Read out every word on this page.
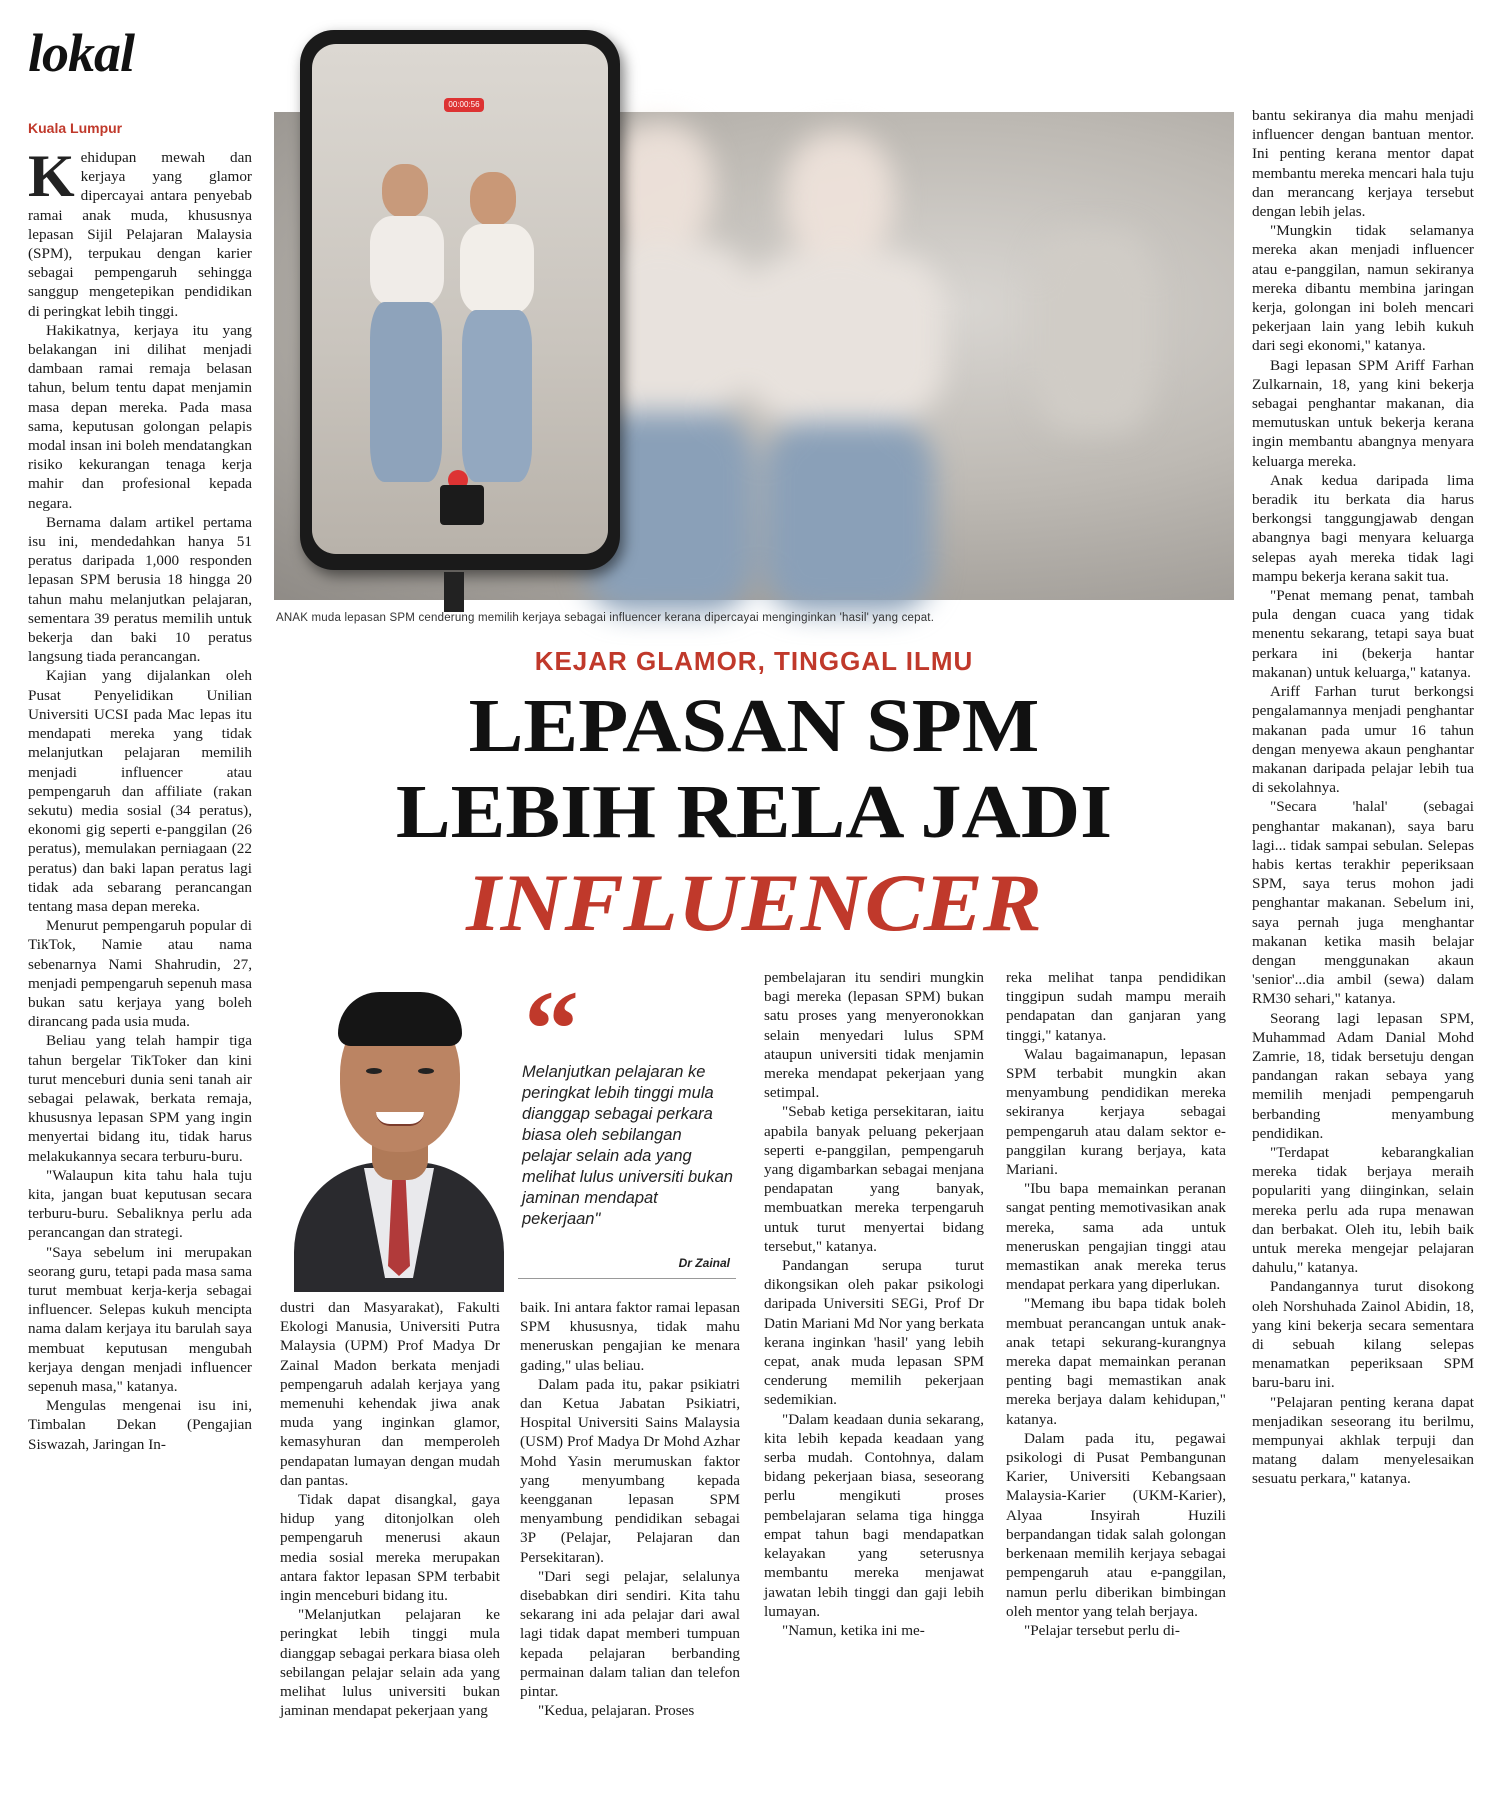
lokal
Kuala Lumpur

Kehidupan mewah dan kerjaya yang glamor dipercayai antara penyebab ramai anak muda, khususnya lepasan Sijil Pelajaran Malaysia (SPM), terpukau dengan karier sebagai pempengaruh sehingga sanggup mengetepikan pendidikan di peringkat lebih tinggi.

Hakikatnya, kerjaya itu yang belakangan ini dilihat menjadi dambaan ramai remaja belasan tahun, belum tentu dapat menjamin masa depan mereka. Pada masa sama, keputusan golongan pelapis modal insan ini boleh mendatangkan risiko kekurangan tenaga kerja mahir dan profesional kepada negara.

Bernama dalam artikel pertama isu ini, mendedahkan hanya 51 peratus daripada 1,000 responden lepasan SPM berusia 18 hingga 20 tahun mahu melanjutkan pelajaran, sementara 39 peratus memilih untuk bekerja dan baki 10 peratus langsung tiada perancangan.

Kajian yang dijalankan oleh Pusat Penyelidikan Unilian Universiti UCSI pada Mac lepas itu mendapati mereka yang tidak melanjutkan pelajaran memilih menjadi influencer atau pempengaruh dan affiliate (rakan sekutu) media sosial (34 peratus), ekonomi gig seperti e-panggilan (26 peratus), memulakan perniagaan (22 peratus) dan baki lapan peratus lagi tidak ada sebarang perancangan tentang masa depan mereka.

Menurut pempengaruh popular di TikTok, Namie atau nama sebenarnya Nami Shahrudin, 27, menjadi pempengaruh sepenuh masa bukan satu kerjaya yang boleh dirancang pada usia muda.

Beliau yang telah hampir tiga tahun bergelar TikToker dan kini turut menceburi dunia seni tanah air sebagai pelawak, berkata remaja, khususnya lepasan SPM yang ingin menyertai bidang itu, tidak harus melakukannya secara terburu-buru.

"Walaupun kita tahu hala tuju kita, jangan buat keputusan secara terburu-buru. Sebaliknya perlu ada perancangan dan strategi.

"Saya sebelum ini merupakan seorang guru, tetapi pada masa sama turut membuat kerja-kerja sebagai influencer. Selepas kukuh mencipta nama dalam kerjaya itu barulah saya membuat keputusan mengubah kerjaya dengan menjadi influencer sepenuh masa," katanya.

Mengulas mengenai isu ini, Timbalan Dekan (Pengajian Siswazah, Jaringan In-

00:00:56
ANAK muda lepasan SPM cenderung memilih kerjaya sebagai influencer kerana dipercayai menginginkan 'hasil' yang cepat.
KEJAR GLAMOR, TINGGAL ILMU
LEPASAN SPM
LEBIH RELA JADI
INFLUENCER
“
Melanjutkan pelajaran ke peringkat lebih tinggi mula dianggap sebagai perkara biasa oleh sebilangan pelajar selain ada yang melihat lulus universiti bukan jaminan mendapat pekerjaan"
Dr Zainal

dustri dan Masyarakat), Fakulti Ekologi Manusia, Universiti Putra Malaysia (UPM) Prof Madya Dr Zainal Madon berkata menjadi pempengaruh adalah kerjaya yang memenuhi kehendak jiwa anak muda yang inginkan glamor, kemasyhuran dan memperoleh pendapatan lumayan dengan mudah dan pantas.

Tidak dapat disangkal, gaya hidup yang ditonjolkan oleh pempengaruh menerusi akaun media sosial mereka merupakan antara faktor lepasan SPM terbabit ingin menceburi bidang itu.

"Melanjutkan pelajaran ke peringkat lebih tinggi mula dianggap sebagai perkara biasa oleh sebilangan pelajar selain ada yang melihat lulus universiti bukan jaminan mendapat pekerjaan yang

baik. Ini antara faktor ramai lepasan SPM khususnya, tidak mahu meneruskan pengajian ke menara gading," ulas beliau.

Dalam pada itu, pakar psikiatri dan Ketua Jabatan Psikiatri, Hospital Universiti Sains Malaysia (USM) Prof Madya Dr Mohd Azhar Mohd Yasin merumuskan faktor yang menyumbang kepada keengganan lepasan SPM menyambung pendidikan sebagai 3P (Pelajar, Pelajaran dan Persekitaran).

"Dari segi pelajar, selalunya disebabkan diri sendiri. Kita tahu sekarang ini ada pelajar dari awal lagi tidak dapat memberi tumpuan kepada pelajaran berbanding permainan dalam talian dan telefon pintar.

"Kedua, pelajaran. Proses

pembelajaran itu sendiri mungkin bagi mereka (lepasan SPM) bukan satu proses yang menyeronokkan selain menyedari lulus SPM ataupun universiti tidak menjamin mereka mendapat pekerjaan yang setimpal.

"Sebab ketiga persekitaran, iaitu apabila banyak peluang pekerjaan seperti e-panggilan, pempengaruh yang digambarkan sebagai menjana pendapatan yang banyak, membuatkan mereka terpengaruh untuk turut menyertai bidang tersebut," katanya.

Pandangan serupa turut dikongsikan oleh pakar psikologi daripada Universiti SEGi, Prof Dr Datin Mariani Md Nor yang berkata kerana inginkan 'hasil' yang lebih cepat, anak muda lepasan SPM cenderung memilih pekerjaan sedemikian.

"Dalam keadaan dunia sekarang, kita lebih kepada keadaan yang serba mudah. Contohnya, dalam bidang pekerjaan biasa, seseorang perlu mengikuti proses pembelajaran selama tiga hingga empat tahun bagi mendapatkan kelayakan yang seterusnya membantu mereka menjawat jawatan lebih tinggi dan gaji lebih lumayan.

"Namun, ketika ini me-

reka melihat tanpa pendidikan tinggipun sudah mampu meraih pendapatan dan ganjaran yang tinggi," katanya.

Walau bagaimanapun, lepasan SPM terbabit mungkin akan menyambung pendidikan mereka sekiranya kerjaya sebagai pempengaruh atau dalam sektor e-panggilan kurang berjaya, kata Mariani.

"Ibu bapa memainkan peranan sangat penting memotivasikan anak mereka, sama ada untuk meneruskan pengajian tinggi atau memastikan anak mereka terus mendapat perkara yang diperlukan.

"Memang ibu bapa tidak boleh membuat perancangan untuk anak-anak tetapi sekurang-kurangnya mereka dapat memainkan peranan penting bagi memastikan anak mereka berjaya dalam kehidupan," katanya.

Dalam pada itu, pegawai psikologi di Pusat Pembangunan Karier, Universiti Kebangsaan Malaysia-Karier (UKM-Karier), Alyaa Insyirah Huzili berpandangan tidak salah golongan berkenaan memilih kerjaya sebagai pempengaruh atau e-panggilan, namun perlu diberikan bimbingan oleh mentor yang telah berjaya.

"Pelajar tersebut perlu di-

bantu sekiranya dia mahu menjadi influencer dengan bantuan mentor. Ini penting kerana mentor dapat membantu mereka mencari hala tuju dan merancang kerjaya tersebut dengan lebih jelas.

"Mungkin tidak selamanya mereka akan menjadi influencer atau e-panggilan, namun sekiranya mereka dibantu membina jaringan kerja, golongan ini boleh mencari pekerjaan lain yang lebih kukuh dari segi ekonomi," katanya.

Bagi lepasan SPM Ariff Farhan Zulkarnain, 18, yang kini bekerja sebagai penghantar makanan, dia memutuskan untuk bekerja kerana ingin membantu abangnya menyara keluarga mereka.

Anak kedua daripada lima beradik itu berkata dia harus berkongsi tanggungjawab dengan abangnya bagi menyara keluarga selepas ayah mereka tidak lagi mampu bekerja kerana sakit tua.

"Penat memang penat, tambah pula dengan cuaca yang tidak menentu sekarang, tetapi saya buat perkara ini (bekerja hantar makanan) untuk keluarga," katanya.

Ariff Farhan turut berkongsi pengalamannya menjadi penghantar makanan pada umur 16 tahun dengan menyewa akaun penghantar makanan daripada pelajar lebih tua di sekolahnya.

"Secara 'halal' (sebagai penghantar makanan), saya baru lagi... tidak sampai sebulan. Selepas habis kertas terakhir peperiksaan SPM, saya terus mohon jadi penghantar makanan. Sebelum ini, saya pernah juga menghantar makanan ketika masih belajar dengan menggunakan akaun 'senior'...dia ambil (sewa) dalam RM30 sehari," katanya.

Seorang lagi lepasan SPM, Muhammad Adam Danial Mohd Zamrie, 18, tidak bersetuju dengan pandangan rakan sebaya yang memilih menjadi pempengaruh berbanding menyambung pendidikan.

"Terdapat kebarangkalian mereka tidak berjaya meraih populariti yang diinginkan, selain mereka perlu ada rupa menawan dan berbakat. Oleh itu, lebih baik untuk mereka mengejar pelajaran dahulu," katanya.

Pandangannya turut disokong oleh Norshuhada Zainol Abidin, 18, yang kini bekerja secara sementara di sebuah kilang selepas menamatkan peperiksaan SPM baru-baru ini.

"Pelajaran penting kerana dapat menjadikan seseorang itu berilmu, mempunyai akhlak terpuji dan matang dalam menyelesaikan sesuatu perkara," katanya.
